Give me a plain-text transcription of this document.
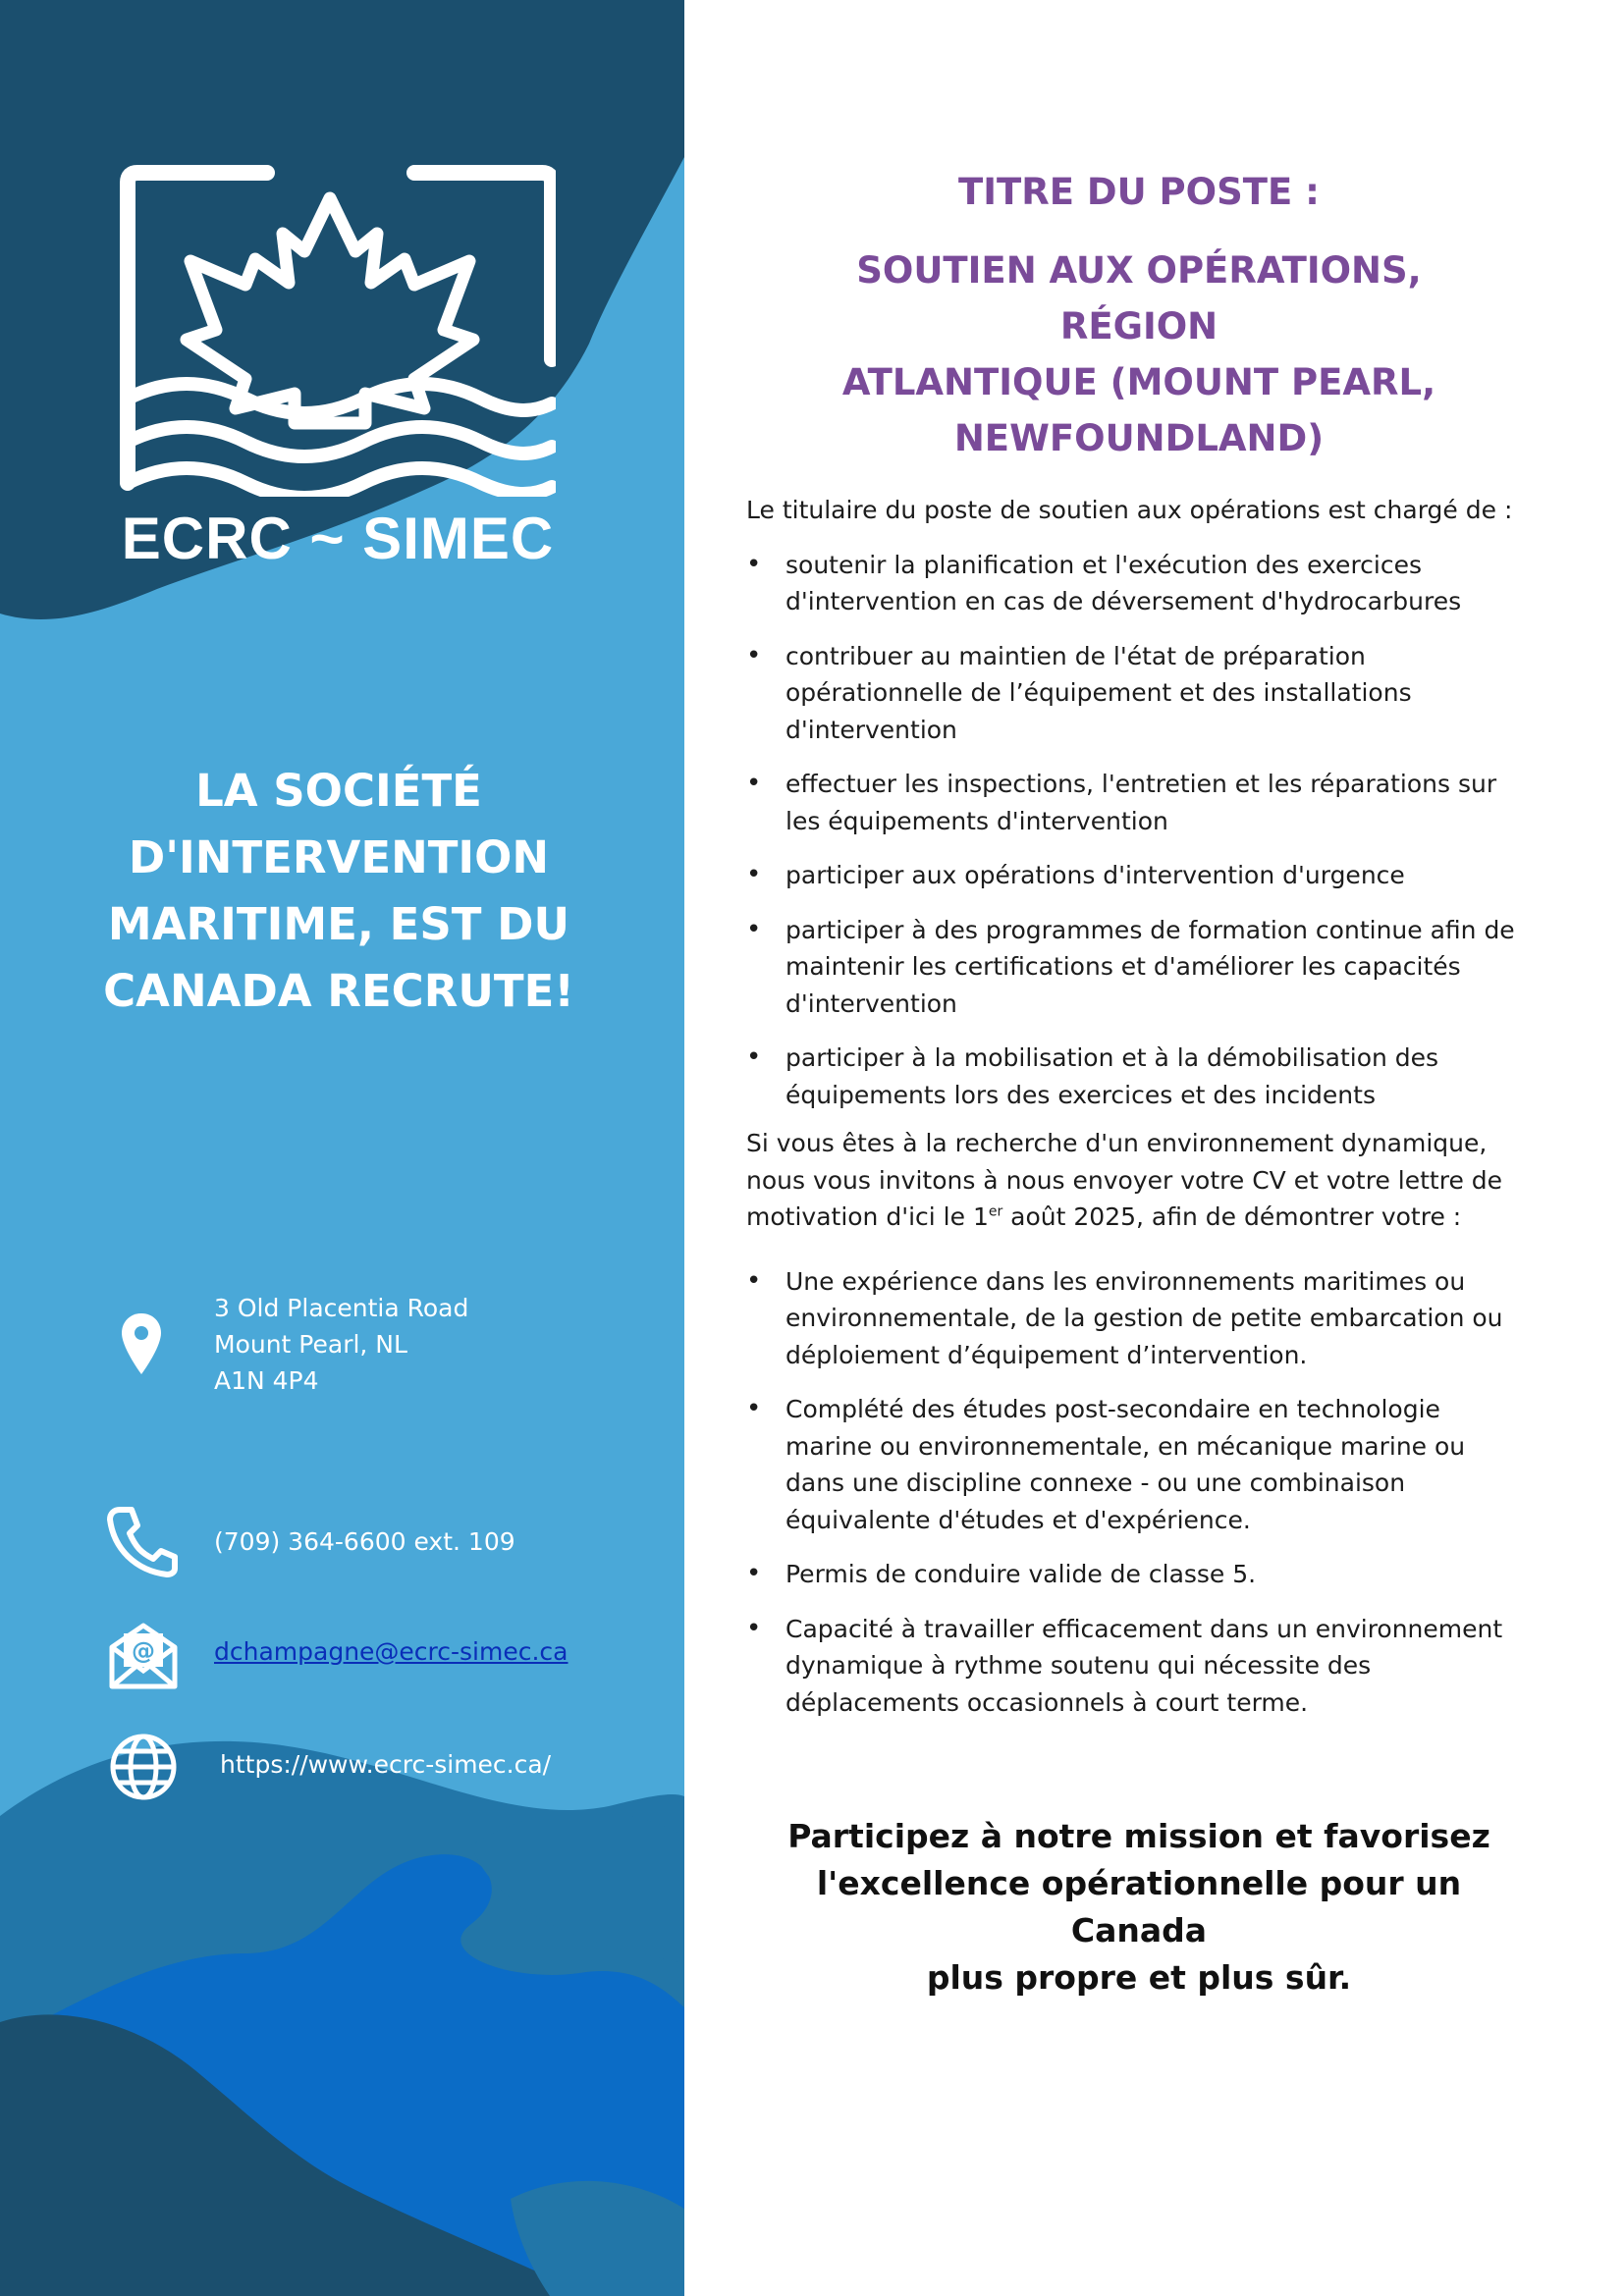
ECRC ~ SIMEC
LA SOCIÉTÉ
D'INTERVENTION
MARITIME, EST DU
CANADA RECRUTE!
3 Old Placentia Road
Mount Pearl, NL
A1N 4P4
(709) 364-6600 ext. 109
@ dchampagne@ecrc-simec.ca
https://www.ecrc-simec.ca/
TITRE DU POSTE :
SOUTIEN AUX OPÉRATIONS, RÉGION
ATLANTIQUE (MOUNT PEARL,
NEWFOUNDLAND)

Le titulaire du poste de soutien aux opérations est chargé de :

• soutenir la planification et l'exécution des exercices d'intervention en cas de déversement d'hydrocarbures
• contribuer au maintien de l'état de préparation opérationnelle de l’équipement et des installations d'intervention
• effectuer les inspections, l'entretien et les réparations sur les équipements d'intervention
• participer aux opérations d'intervention d'urgence
• participer à des programmes de formation continue afin de maintenir les certifications et d'améliorer les capacités d'intervention
• participer à la mobilisation et à la démobilisation des équipements lors des exercices et des incidents

Si vous êtes à la recherche d'un environnement dynamique, nous vous invitons à nous envoyer votre CV et votre lettre de motivation d'ici le 1er août 2025, afin de démontrer votre :

• Une expérience dans les environnements maritimes ou environnementale, de la gestion de petite embarcation ou déploiement d’équipement d’intervention.
• Complété des études post-secondaire en technologie marine ou environnementale, en mécanique marine ou dans une discipline connexe - ou une combinaison équivalente d'études et d'expérience.
• Permis de conduire valide de classe 5.
• Capacité à travailler efficacement dans un environnement dynamique à rythme soutenu qui nécessite des déplacements occasionnels à court terme.
Participez à notre mission et favorisez
l'excellence opérationnelle pour un Canada
plus propre et plus sûr.
